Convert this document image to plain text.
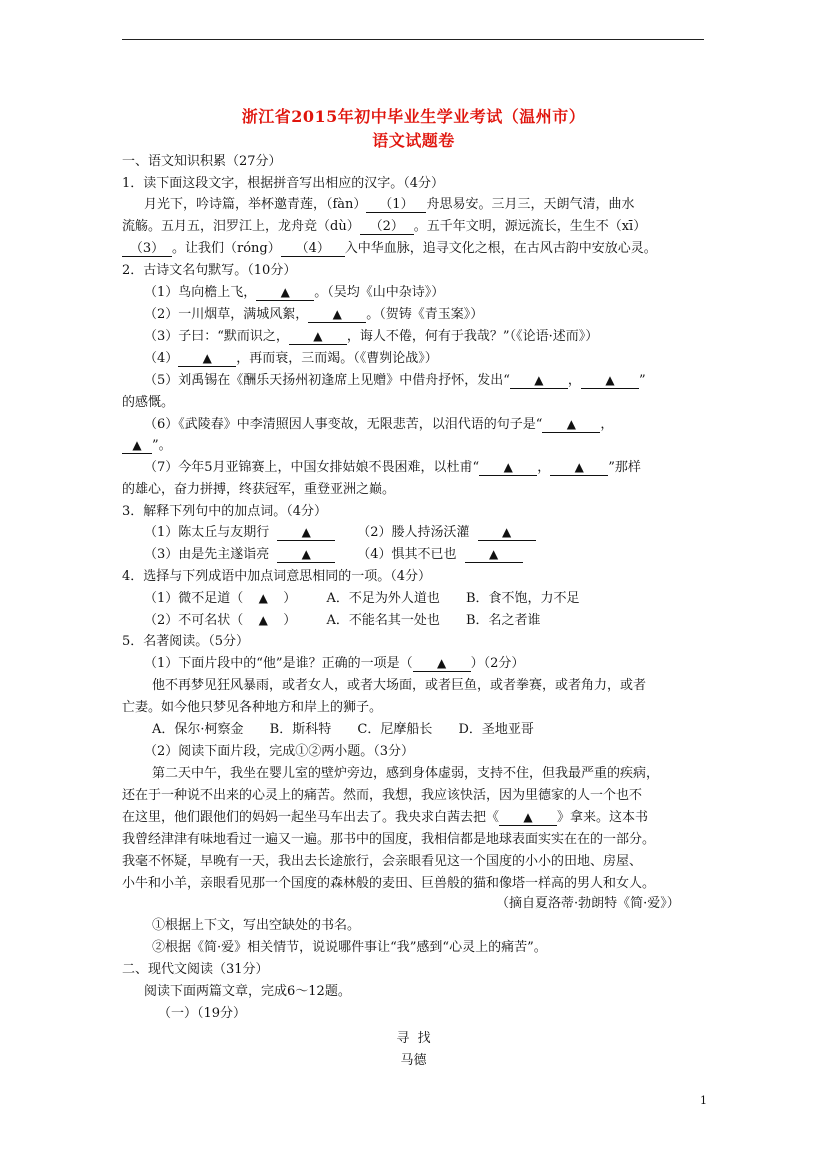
浙江省2015年初中毕业生学业考试（温州市）
语文试题卷
一、语文知识积累（27分）
1．读下面这段文字，根据拼音写出相应的汉字。（4分）
月光下，吟诗篇，举杯邀青莲，（fàn） （1） 舟思易安。三月三，天朗气清，曲水
流觞。五月五，汨罗江上，龙舟竞（dù） （2） 。五千年文明，源远流长，生生不（xī）
（3） 。让我们（róng） （4） 入中华血脉，追寻文化之根，在古风古韵中安放心灵。
2．古诗文名句默写。（10分）
（1）鸟向檐上飞， ▲ 。（吴均《山中杂诗》）
（2）一川烟草，满城风絮， ▲ 。（贺铸《青玉案》）
（3）子曰：“默而识之， ▲ ，诲人不倦，何有于我哉？”（《论语·述而》）
（4） ▲ ，再而衰，三而竭。（《曹刿论战》）
（5）刘禹锡在《酬乐天扬州初逢席上见赠》中借舟抒怀，发出“ ▲ ， ▲ ”
的感慨。
（6）《武陵春》中李清照因人事变故，无限悲苦，以泪代语的句子是“ ▲ ，
▲ ”。
（7）今年5月亚锦赛上，中国女排姑娘不畏困难，以杜甫“ ▲ ， ▲ ”那样
的雄心，奋力拼搏，终获冠军，重登亚洲之巅。
3．解释下列句中的加点词。（4分）
（1）陈太丘与友期行	▲	（2）媵人持汤沃灌	▲
（3）由是先主遂诣亮	▲	（4）惧其不已也	▲
4．选择与下列成语中加点词意思相同的一项。（4分）
（1）微不足道（ ▲ ） A．不足为外人道也 B．食不饱，力不足
（2）不可名状（ ▲ ） A．不能名其一处也 B．名之者谁
5．名著阅读。（5分）
（1）下面片段中的“他”是谁？正确的一项是（ ▲ ）（2分）
他不再梦见狂风暴雨，或者女人，或者大场面，或者巨鱼，或者拳赛，或者角力，或者
亡妻。如今他只梦见各种地方和岸上的狮子。
A．保尔·柯察金 B．斯科特 C．尼摩船长 D．圣地亚哥
（2）阅读下面片段，完成①②两小题。（3分）
第二天中午，我坐在婴儿室的壁炉旁边，感到身体虚弱，支持不住，但我最严重的疾病，
还在于一种说不出来的心灵上的痛苦。然而，我想，我应该快活，因为里德家的人一个也不
在这里，他们跟他们的妈妈一起坐马车出去了。我央求白茜去把《 ▲ 》拿来。这本书
我曾经津津有味地看过一遍又一遍。那书中的国度，我相信都是地球表面实实在在的一部分。
我毫不怀疑，早晚有一天，我出去长途旅行，会亲眼看见这一个国度的小小的田地、房屋、
小牛和小羊，亲眼看见那一个国度的森林般的麦田、巨兽般的猫和像塔一样高的男人和女人。
（摘自夏洛蒂·勃朗特《简·爱》）
①根据上下文，写出空缺处的书名。
②根据《简·爱》相关情节，说说哪件事让“我”感到“心灵上的痛苦”。
二、现代文阅读（31分）
阅读下面两篇文章，完成6～12题。
（一）（19分）
寻  找
马德
1
